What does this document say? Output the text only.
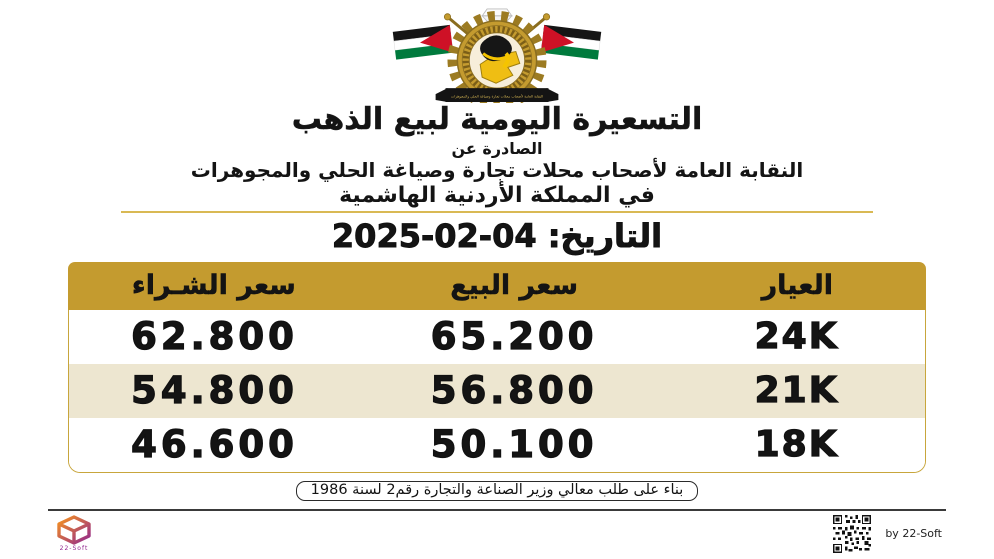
النقابة العامة لأصحاب محلات تجارة وصياغة الحلي والمجوهرات
التسعيرة اليومية لبيع الذهب
الصادرة عن
النقابة العامة لأصحاب محلات تجارة وصياغة الحلي والمجوهرات
في المملكة الأردنية الهاشمية
التاريخ: 04-02-2025
العيار
سعر البيع
سعر الشـراء
24K
65.200
62.800
21K
56.800
54.800
18K
50.100
46.600
بناء على طلب معالي وزير الصناعة والتجارة رقم2 لسنة 1986
22-Soft
by 22-Soft
